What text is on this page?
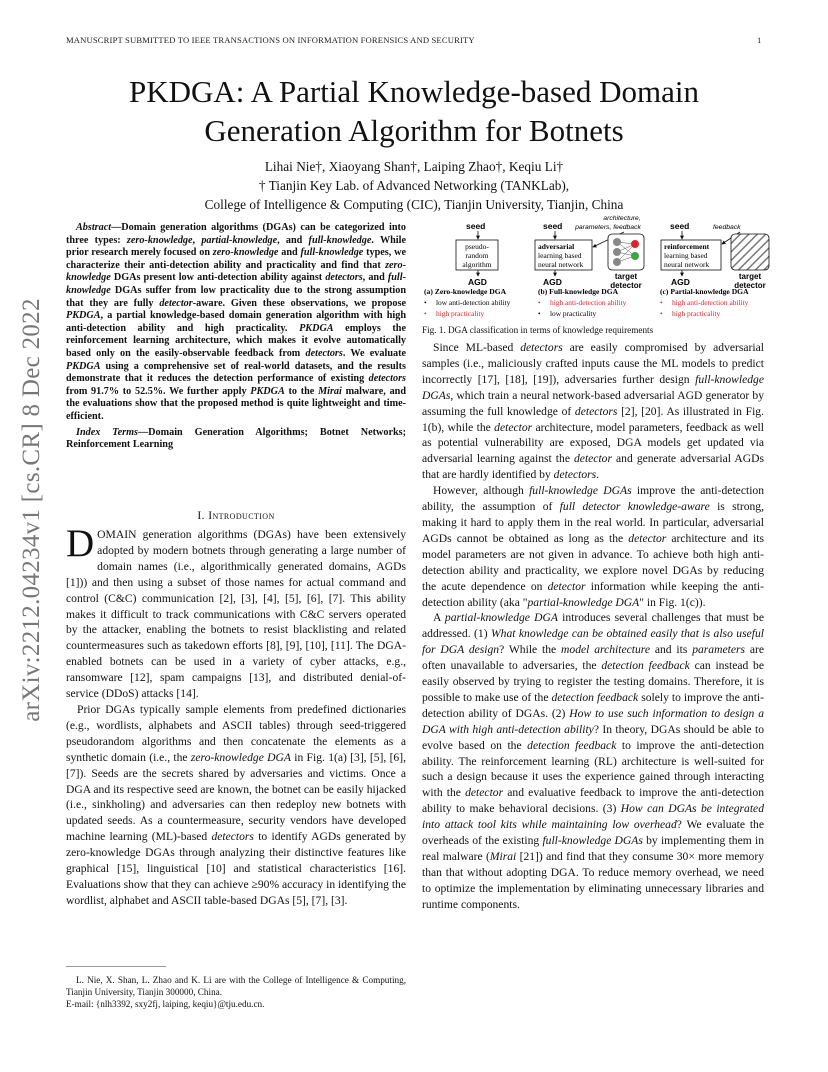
MANUSCRIPT SUBMITTED TO IEEE TRANSACTIONS ON INFORMATION FORENSICS AND SECURITY	1
arXiv:2212.04234v1 [cs.CR] 8 Dec 2022
PKDGA: A Partial Knowledge-based Domain
Generation Algorithm for Botnets
Lihai Nie†, Xiaoyang Shan†, Laiping Zhao†, Keqiu Li†
† Tianjin Key Lab. of Advanced Networking (TANKLab),
College of Intelligence & Computing (CIC), Tianjin University, Tianjin, China

Abstract—Domain generation algorithms (DGAs) can be categorized into three types: zero-knowledge, partial-knowledge, and full-knowledge. While prior research merely focused on zero-knowledge and full-knowledge types, we characterize their anti-detection ability and practicality and find that zero-knowledge DGAs present low anti-detection ability against detectors, and full-knowledge DGAs suffer from low practicality due to the strong assumption that they are fully detector-aware. Given these observations, we propose PKDGA, a partial knowledge-based domain generation algorithm with high anti-detection ability and high practicality. PKDGA employs the reinforcement learning architecture, which makes it evolve automatically based only on the easily-observable feedback from detectors. We evaluate PKDGA using a comprehensive set of real-world datasets, and the results demonstrate that it reduces the detection performance of existing detectors from 91.7% to 52.5%. We further apply PKDGA to the Mirai malware, and the evaluations show that the proposed method is quite lightweight and time-efficient.

Index Terms—Domain Generation Algorithms; Botnet Networks; Reinforcement Learning

I. Introduction

DOMAIN generation algorithms (DGAs) have been extensively adopted by modern botnets through generating a large number of domain names (i.e., algorithmically generated domains, AGDs [1])) and then using a subset of those names for actual command and control (C&C) communication [2], [3], [4], [5], [6], [7]. This ability makes it difficult to track communications with C&C servers operated by the attacker, enabling the botnets to resist blacklisting and related countermeasures such as takedown efforts [8], [9], [10], [11]. The DGA-enabled botnets can be used in a variety of cyber attacks, e.g., ransomware [12], spam campaigns [13], and distributed denial-of-service (DDoS) attacks [14].

Prior DGAs typically sample elements from predefined dictionaries (e.g., wordlists, alphabets and ASCII tables) through seed-triggered pseudorandom algorithms and then concatenate the elements as a synthetic domain (i.e., the zero-knowledge DGA in Fig. 1(a) [3], [5], [6], [7]). Seeds are the secrets shared by adversaries and victims. Once a DGA and its respective seed are known, the botnet can be easily hijacked (i.e., sinkholing) and adversaries can then redeploy new botnets with updated seeds. As a countermeasure, security vendors have developed machine learning (ML)-based detectors to identify AGDs generated by zero-knowledge DGAs through analyzing their distinctive features like graphical [15], linguistical [10] and statistical characteristics [16]. Evaluations show that they can achieve ≥90% accuracy in identifying the wordlist, alphabet and ASCII table-based DGAs [5], [7], [3].

L. Nie, X. Shan, L. Zhao and K. Li are with the College of Intelligence & Computing, Tianjin University, Tianjin 300000, China.
E-mail: {nlh3392, sxy2fj, laiping, keqiu}@tju.edu.cn.
seed
pseudo-
random
algorithm
AGD
(a) Zero-knowledge DGA
• low anti-detection ability
• high practicality
seed
architecture,
parameters, feedback
adversarial
learning based
neural network
AGD
target
detector
(b) Full-knowledge DGA
• high anti-detection ability
• low practicality
seed	feedback
reinforcement
learning based
neural network
AGD
target
detector
(c) Partial-knowledge DGA
• high anti-detection ability
• high practicality
Fig. 1. DGA classification in terms of knowledge requirements

Since ML-based detectors are easily compromised by adversarial samples (i.e., maliciously crafted inputs cause the ML models to predict incorrectly [17], [18], [19]), adversaries further design full-knowledge DGAs, which train a neural network-based adversarial AGD generator by assuming the full knowledge of detectors [2], [20]. As illustrated in Fig. 1(b), while the detector architecture, model parameters, feedback as well as potential vulnerability are exposed, DGA models get updated via adversarial learning against the detector and generate adversarial AGDs that are hardly identified by detectors.

However, although full-knowledge DGAs improve the anti-detection ability, the assumption of full detector knowledge-aware is strong, making it hard to apply them in the real world. In particular, adversarial AGDs cannot be obtained as long as the detector architecture and its model parameters are not given in advance. To achieve both high anti-detection ability and practicality, we explore novel DGAs by reducing the acute dependence on detector information while keeping the anti-detection ability (aka "partial-knowledge DGA" in Fig. 1(c)).

A partial-knowledge DGA introduces several challenges that must be addressed. (1) What knowledge can be obtained easily that is also useful for DGA design? While the model architecture and its parameters are often unavailable to adversaries, the detection feedback can instead be easily observed by trying to register the testing domains. Therefore, it is possible to make use of the detection feedback solely to improve the anti-detection ability of DGAs. (2) How to use such information to design a DGA with high anti-detection ability? In theory, DGAs should be able to evolve based on the detection feedback to improve the anti-detection ability. The reinforcement learning (RL) architecture is well-suited for such a design because it uses the experience gained through interacting with the detector and evaluative feedback to improve the anti-detection ability to make behavioral decisions. (3) How can DGAs be integrated into attack tool kits while maintaining low overhead? We evaluate the overheads of the existing full-knowledge DGAs by implementing them in real malware (Mirai [21]) and find that they consume 30× more memory than that without adopting DGA. To reduce memory overhead, we need to optimize the implementation by eliminating unnecessary libraries and runtime components.
